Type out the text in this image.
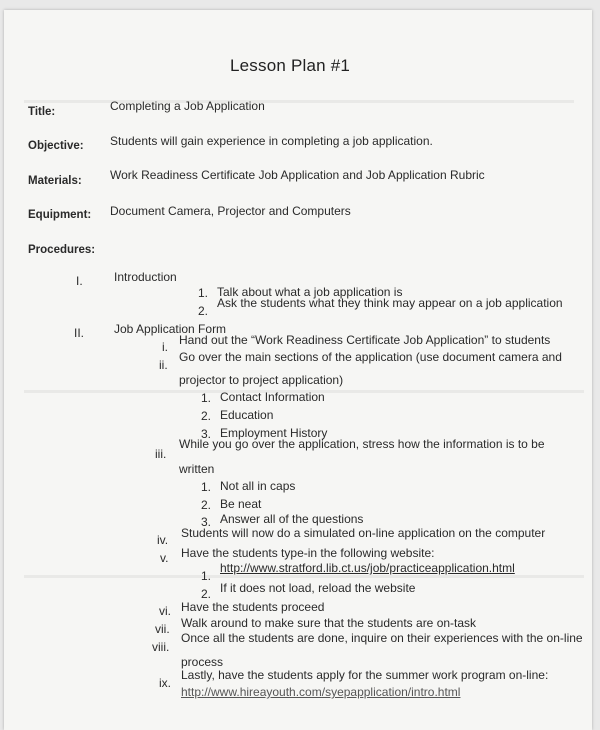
Lesson Plan #1
Title:	Completing a Job Application
Objective: Students will gain experience in completing a job application.
Materials: Work Readiness Certificate Job Application and Job Application Rubric
Equipment: Document Camera, Projector and Computers
Procedures:
I.	Introduction
1. Talk about what a job application is
2.
Ask the students what they think may appear on a job application
II. Job Application Form
i. Hand out the “Work Readiness Certificate Job Application” to students
ii.
Go over the main sections of the application (use document camera and
projector to project application)
1. Contact Information
2. Education
3. Employment History
iii.
While you go over the application, stress how the information is to be
written
1. Not all in caps
2. Be neat
3. Answer all of the questions
iv. Students will now do a simulated on-line application on the computer
v. Have the students type-in the following website:
1.
http://www.stratford.lib.ct.us/job/practiceapplication.html
2. If it does not load, reload the website
vi. Have the students proceed
vii. Walk around to make sure that the students are on-task
viii.
Once all the students are done, inquire on their experiences with the on-line
process
ix.
Lastly, have the students apply for the summer work program on-line:
http://www.hireayouth.com/syepapplication/intro.html
